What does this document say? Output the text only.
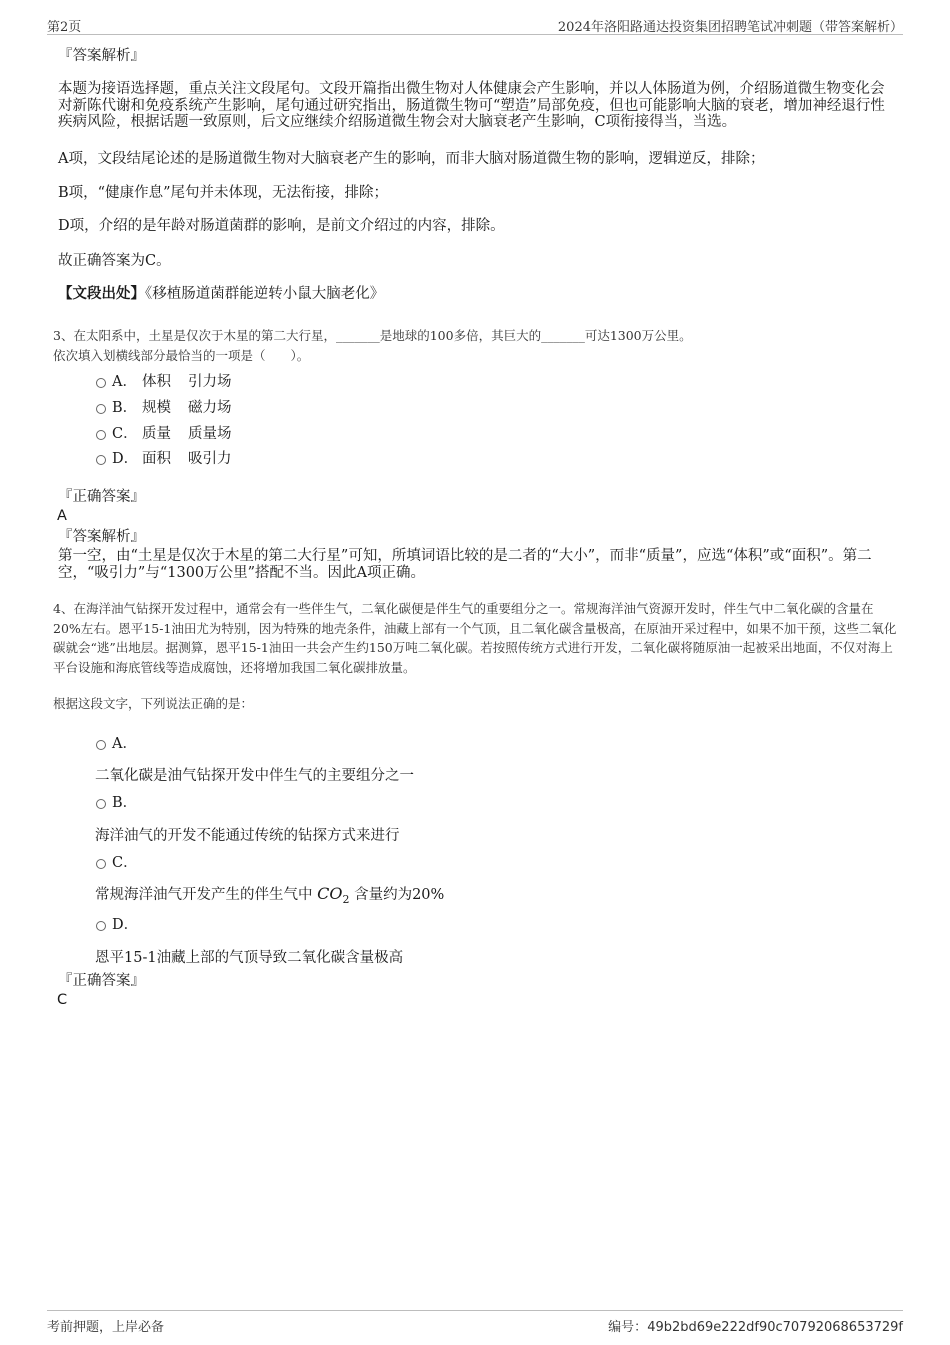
第2页	2024年洛阳路通达投资集团招聘笔试冲刺题（带答案解析）
『答案解析』
本题为接语选择题，重点关注文段尾句。文段开篇指出微生物对人体健康会产生影响，并以人体肠道为例，介绍肠道微生物变化会对新陈代谢和免疫系统产生影响，尾句通过研究指出，肠道微生物可“塑造”局部免疫，但也可能影响大脑的衰老，增加神经退行性疾病风险，根据话题一致原则，后文应继续介绍肠道微生物会对大脑衰老产生影响，C项衔接得当，当选。
A项，文段结尾论述的是肠道微生物对大脑衰老产生的影响，而非大脑对肠道微生物的影响，逻辑逆反，排除；
B项，“健康作息”尾句并未体现，无法衔接，排除；
D项，介绍的是年龄对肠道菌群的影响，是前文介绍过的内容，排除。
故正确答案为C。
【文段出处】《移植肠道菌群能逆转小鼠大脑老化》
3、在太阳系中，土星是仅次于木星的第二大行星，_______是地球的100多倍，其巨大的_______可达1300万公里。
依次填入划横线部分最恰当的一项是（　　）。
A． 体积 引力场
B． 规模 磁力场
C． 质量 质量场
D． 面积 吸引力
『正确答案』
A
『答案解析』
第一空，由“土星是仅次于木星的第二大行星”可知，所填词语比较的是二者的“大小”，而非“质量”，应选“体积”或“面积”。第二空，“吸引力”与“1300万公里”搭配不当。因此A项正确。
4、在海洋油气钻探开发过程中，通常会有一些伴生气，二氧化碳便是伴生气的重要组分之一。常规海洋油气资源开发时，伴生气中二氧化碳的含量在20%左右。恩平15-1油田尤为特别，因为特殊的地壳条件，油藏上部有一个气顶，且二氧化碳含量极高，在原油开采过程中，如果不加干预，这些二氧化碳就会“逃”出地层。据测算，恩平15-1油田一共会产生约150万吨二氧化碳。若按照传统方式进行开发，二氧化碳将随原油一起被采出地面，不仅对海上平台设施和海底管线等造成腐蚀，还将增加我国二氧化碳排放量。
根据这段文字，下列说法正确的是：
A．
二氧化碳是油气钻探开发中伴生气的主要组分之一
B．
海洋油气的开发不能通过传统的钻探方式来进行
C．
常规海洋油气开发产生的伴生气中 $CO_2$ 含量约为20%
D．
恩平15-1油藏上部的气顶导致二氧化碳含量极高
『正确答案』
C
考前押题，上岸必备	编号：49b2bd69e222df90c70792068653729f
